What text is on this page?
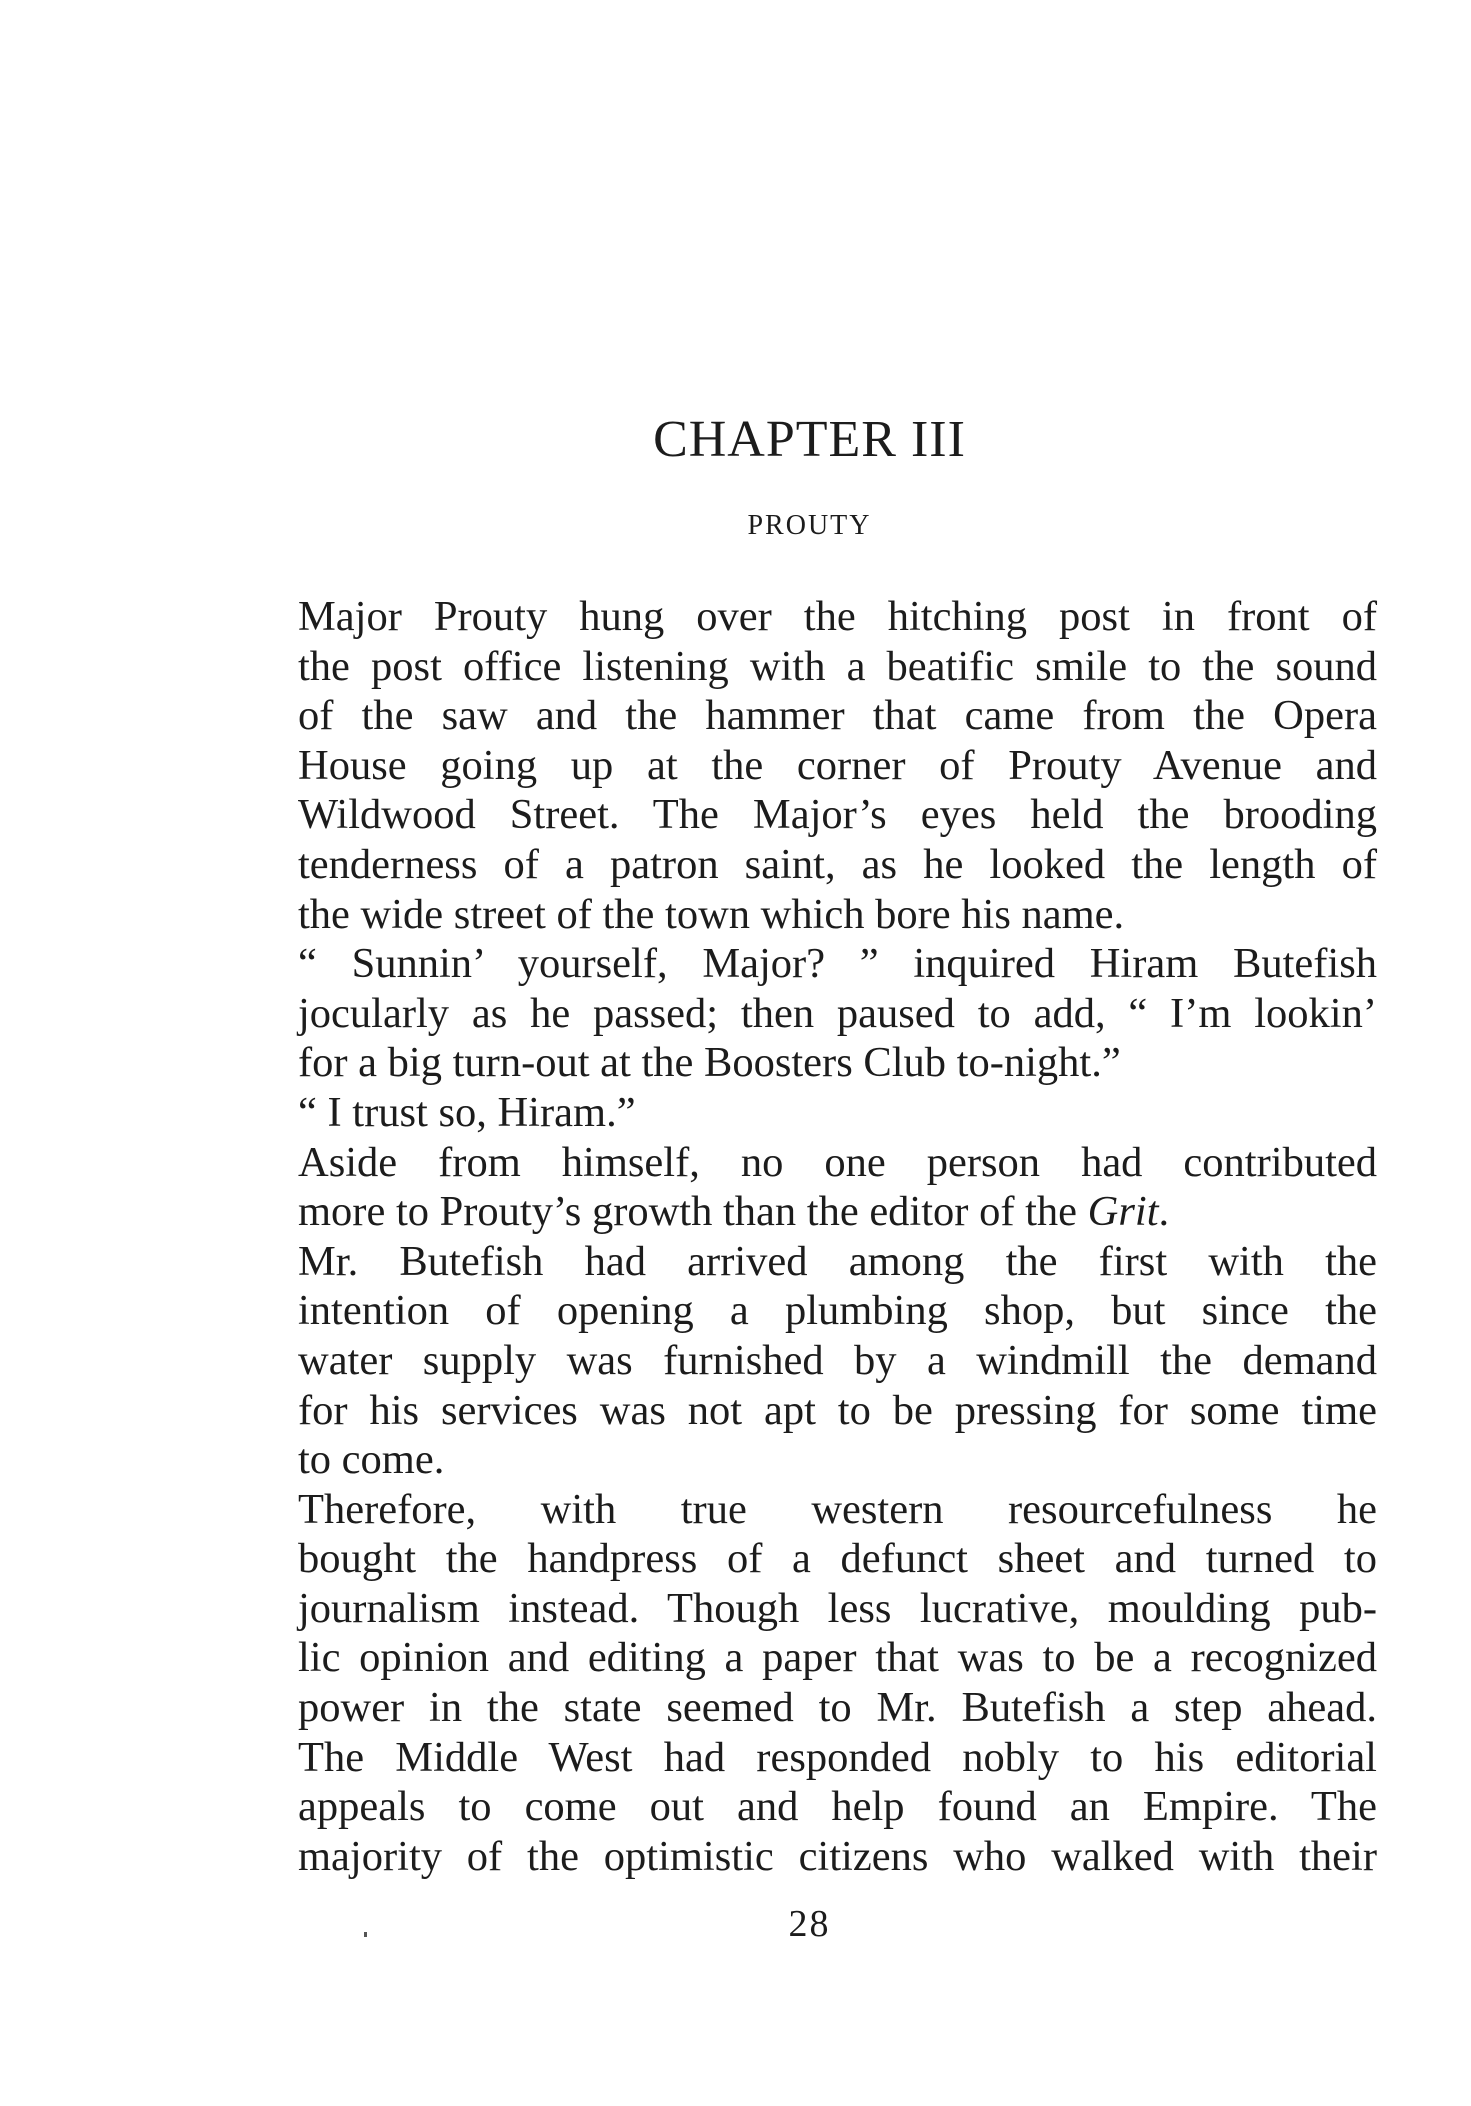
CHAPTER III
PROUTY

Major Prouty hung over the hitching post in front of
the post office listening with a beatific smile to the sound
of the saw and the hammer that came from the Opera
House going up at the corner of Prouty Avenue and
Wildwood Street. The Major’s eyes held the brooding
tenderness of a patron saint, as he looked the length of
the wide street of the town which bore his name.

“ Sunnin’ yourself, Major? ” inquired Hiram Butefish
jocularly as he passed; then paused to add, “ I’m lookin’
for a big turn-out at the Boosters Club to-night.”

“ I trust so, Hiram.”

Aside from himself, no one person had contributed
more to Prouty’s growth than the editor of the Grit.

Mr. Butefish had arrived among the first with the
intention of opening a plumbing shop, but since the
water supply was furnished by a windmill the demand
for his services was not apt to be pressing for some time
to come.

Therefore, with true western resourcefulness he
bought the handpress of a defunct sheet and turned to
journalism instead. Though less lucrative, moulding pub-
lic opinion and editing a paper that was to be a recognized
power in the state seemed to Mr. Butefish a step ahead.

The Middle West had responded nobly to his editorial
appeals to come out and help found an Empire. The
majority of the optimistic citizens who walked with their

28
